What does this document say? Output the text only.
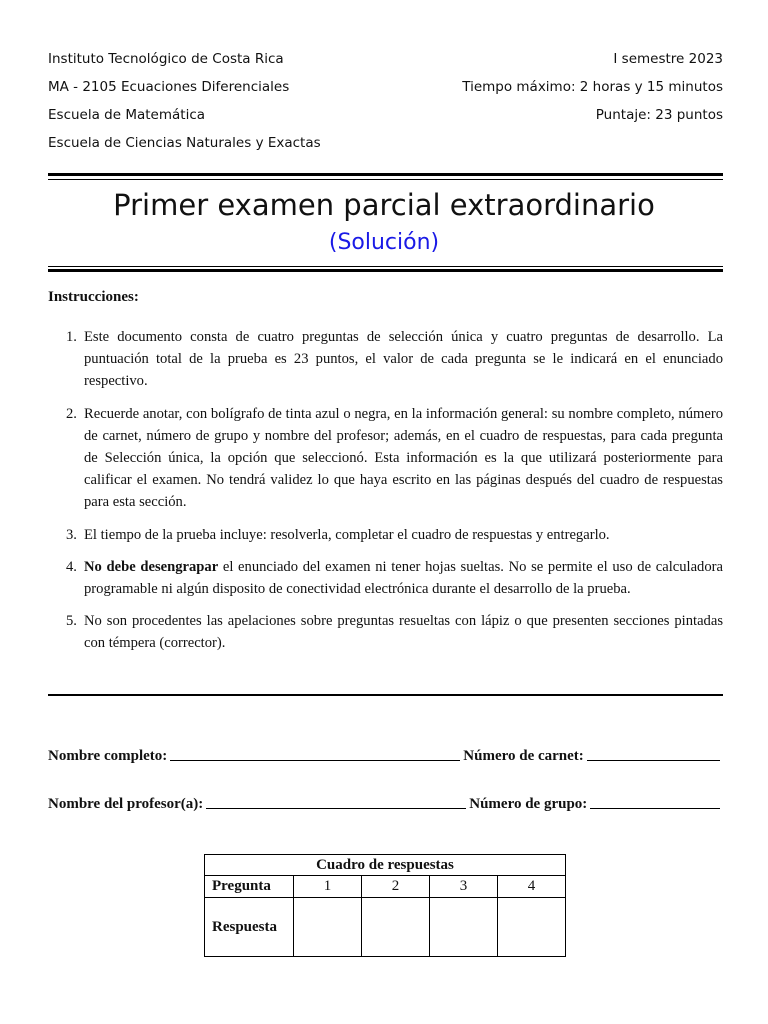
Instituto Tecnológico de Costa Rica	I semestre 2023
MA - 2105 Ecuaciones Diferenciales	Tiempo máximo: 2 horas y 15 minutos
Escuela de Matemática	Puntaje: 23 puntos
Escuela de Ciencias Naturales y Exactas
Primer examen parcial extraordinario
(Solución)
Instrucciones:
1. Este documento consta de cuatro preguntas de selección única y cuatro preguntas de desarrollo. La puntuación total de la prueba es 23 puntos, el valor de cada pregunta se le indicará en el enunciado respectivo.
2. Recuerde anotar, con bolígrafo de tinta azul o negra, en la información general: su nombre completo, número de carnet, número de grupo y nombre del profesor; además, en el cuadro de respuestas, para cada pregunta de Selección única, la opción que seleccionó. Esta información es la que utilizará posteriormente para calificar el examen. No tendrá validez lo que haya escrito en las páginas después del cuadro de respuestas para esta sección.
3. El tiempo de la prueba incluye: resolverla, completar el cuadro de respuestas y entregarlo.
4. No debe desengrapar el enunciado del examen ni tener hojas sueltas. No se permite el uso de calculadora programable ni algún disposito de conectividad electrónica durante el desarrollo de la prueba.
5. No son procedentes las apelaciones sobre preguntas resueltas con lápiz o que presenten secciones pintadas con témpera (corrector).
Nombre completo:	Número de carnet:
Nombre del profesor(a):	Número de grupo:
Cuadro de respuestas				
Pregunta	1	2	3	4
Respuesta				
